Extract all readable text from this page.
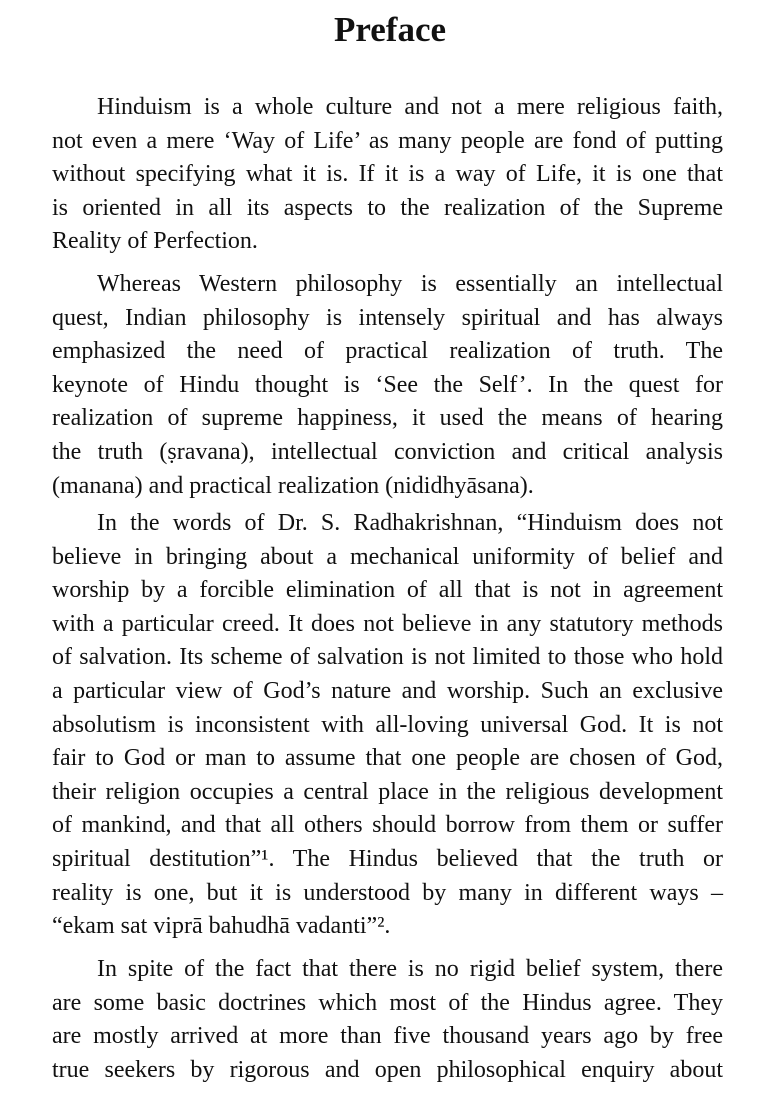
Preface
Hinduism is a whole culture and not a mere religious faith,
not even a mere ‘Way of Life’ as many people are fond of putting
without specifying what it is. If it is a way of Life, it is one that
is oriented in all its aspects to the realization of the Supreme
Reality of Perfection.
Whereas Western philosophy is essentially an intellectual
quest, Indian philosophy is intensely spiritual and has always
emphasized the need of practical realization of truth. The
keynote of Hindu thought is ‘See the Self’. In the quest for
realization of supreme happiness, it used the means of hearing
the truth (ṣravana), intellectual conviction and critical analysis
(manana) and practical realization (nididhyāsana).
In the words of Dr. S. Radhakrishnan, “Hinduism does not
believe in bringing about a mechanical uniformity of belief and
worship by a forcible elimination of all that is not in agreement
with a particular creed. It does not believe in any statutory methods
of salvation. Its scheme of salvation is not limited to those who hold
a particular view of God’s nature and worship. Such an exclusive
absolutism is inconsistent with all-loving universal God. It is not
fair to God or man to assume that one people are chosen of God,
their religion occupies a central place in the religious development
of mankind, and that all others should borrow from them or suffer
spiritual destitution”¹. The Hindus believed that the truth or
reality is one, but it is understood by many in different ways –
“ekam sat viprā bahudhā vadanti”².
In spite of the fact that there is no rigid belief system, there
are some basic doctrines which most of the Hindus agree. They
are mostly arrived at more than five thousand years ago by free
true seekers by rigorous and open philosophical enquiry about
